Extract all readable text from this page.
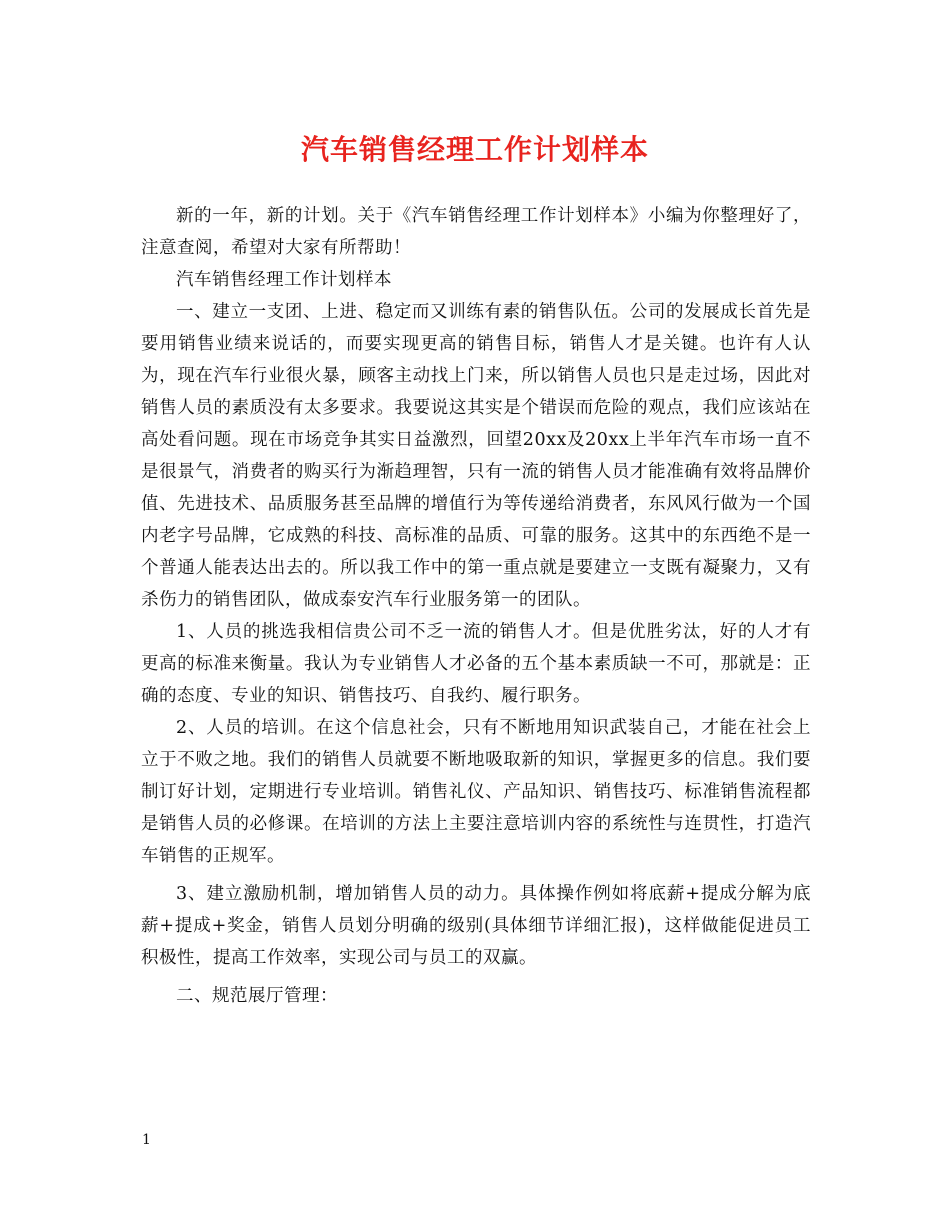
汽车销售经理工作计划样本

新的一年，新的计划。关于《汽车销售经理工作计划样本》小编为你整理好了，注意查阅，希望对大家有所帮助！

汽车销售经理工作计划样本

一、建立一支团、上进、稳定而又训练有素的销售队伍。公司的发展成长首先是要用销售业绩来说话的，而要实现更高的销售目标，销售人才是关键。也许有人认为，现在汽车行业很火暴，顾客主动找上门来，所以销售人员也只是走过场，因此对销售人员的素质没有太多要求。我要说这其实是个错误而危险的观点，我们应该站在高处看问题。现在市场竞争其实日益激烈，回望20xx及20xx上半年汽车市场一直不是很景气，消费者的购买行为渐趋理智，只有一流的销售人员才能准确有效将品牌价值、先进技术、品质服务甚至品牌的增值行为等传递给消费者，东风风行做为一个国内老字号品牌，它成熟的科技、高标准的品质、可靠的服务。这其中的东西绝不是一个普通人能表达出去的。所以我工作中的第一重点就是要建立一支既有凝聚力，又有杀伤力的销售团队，做成泰安汽车行业服务第一的团队。

1、人员的挑选我相信贵公司不乏一流的销售人才。但是优胜劣汰，好的人才有更高的标准来衡量。我认为专业销售人才必备的五个基本素质缺一不可，那就是：正确的态度、专业的知识、销售技巧、自我约、履行职务。

2、人员的培训。在这个信息社会，只有不断地用知识武装自己，才能在社会上立于不败之地。我们的销售人员就要不断地吸取新的知识，掌握更多的信息。我们要制订好计划，定期进行专业培训。销售礼仪、产品知识、销售技巧、标准销售流程都是销售人员的必修课。在培训的方法上主要注意培训内容的系统性与连贯性，打造汽车销售的正规军。

3、建立激励机制，增加销售人员的动力。具体操作例如将底薪+提成分解为底薪+提成+奖金，销售人员划分明确的级别(具体细节详细汇报)，这样做能促进员工积极性，提高工作效率，实现公司与员工的双赢。

二、规范展厅管理：

1
